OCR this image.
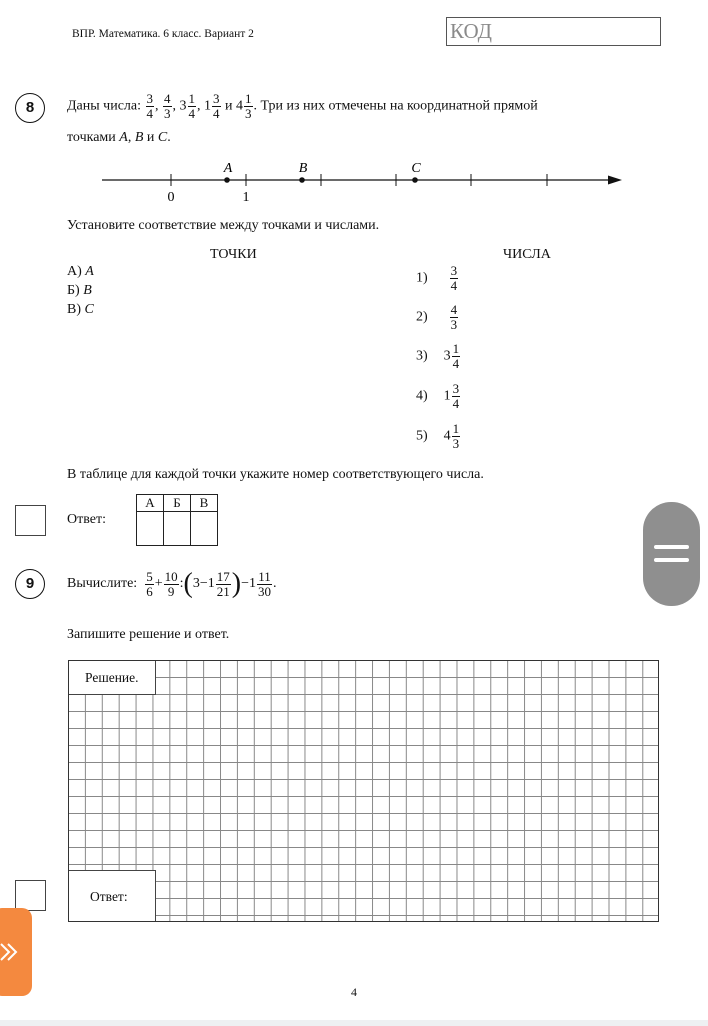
ВПР. Математика. 6 класс. Вариант 2	КОД
8	Даны числа: $\frac{3}{4}$ , $\frac{4}{3}$ , $3 \frac{1}{4}$ , $1 \frac{3}{4}$ и $4 \frac{1}{3}$ . Три из них отмечены на координатной прямой
точками A, B и C.
A	B	C
0	1
Установите соответствие между точками и числами.
ТОЧКИ	ЧИСЛА
А) A
Б) B
В) C
$1) \frac{3}{4}$
$2) \frac{4}{3}$
3) $3 \frac{1}{4}$
4) $1 \frac{3}{4}$
5) $4 \frac{1}{3}$
В таблице для каждой точки укажите номер соответствующего числа.
Ответ:
А	Б	В

9	Вычислите: $\frac{5}{6} + \frac{10}{9}$ :(3−1 $\frac{17}{21} )-1 \frac{11}{30}$ .
Запишите решение и ответ.
Решение.
Ответ:
4
